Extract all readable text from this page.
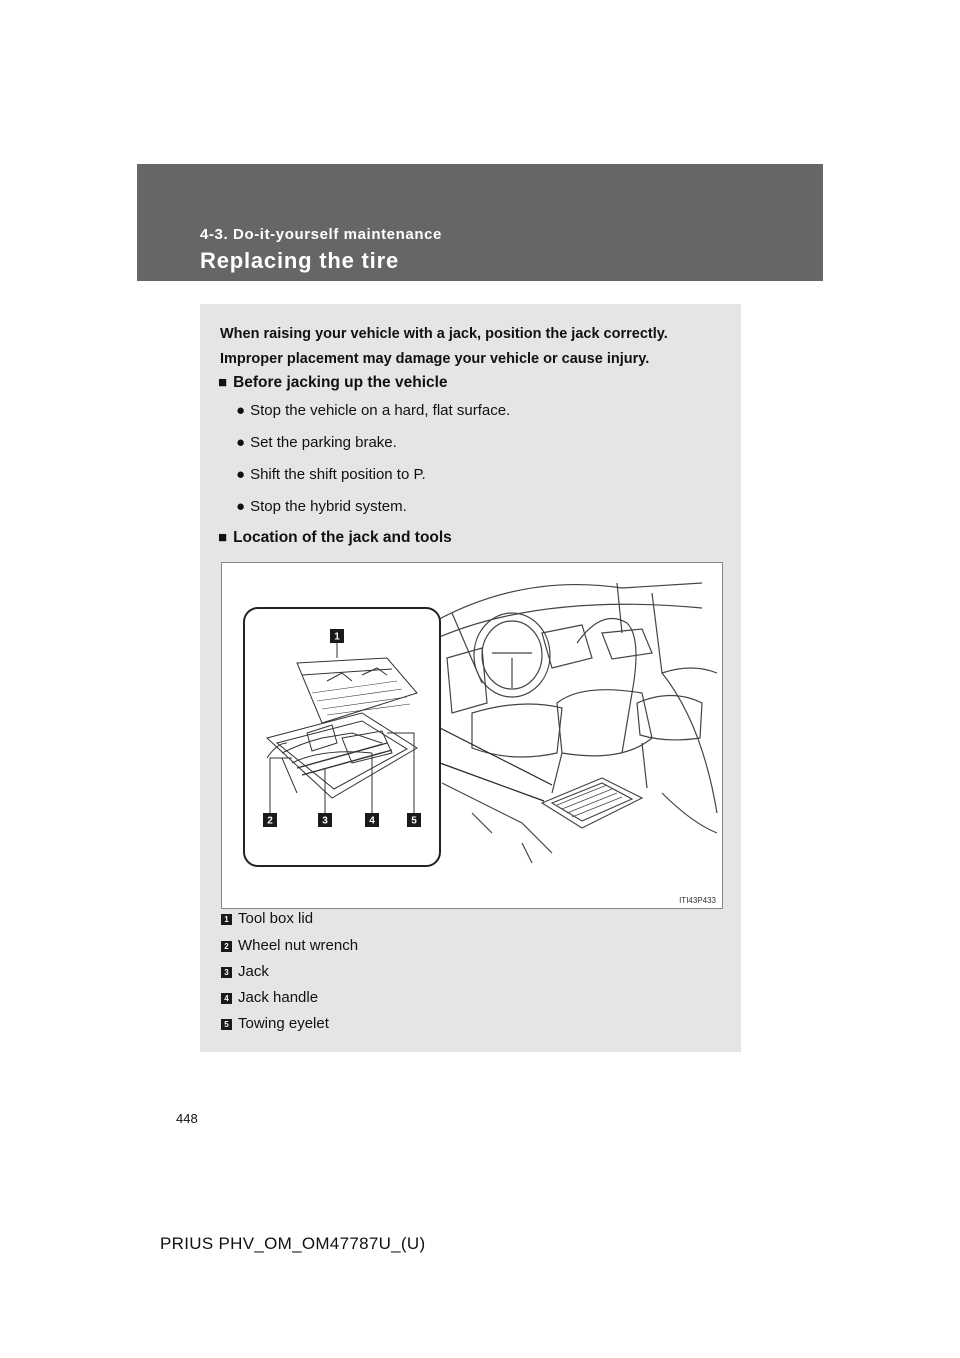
4-3. Do-it-yourself maintenance
Replacing the tire
When raising your vehicle with a jack, position the jack correctly.
Improper placement may damage your vehicle or cause injury.
■ Before jacking up the vehicle
● Stop the vehicle on a hard, flat surface.
● Set the parking brake.
● Shift the shift position to P.
● Stop the hybrid system.
■ Location of the jack and tools
1
2	3	4	5
ITI43P433
1 Tool box lid
2 Wheel nut wrench
3 Jack
4 Jack handle
5 Towing eyelet
448
PRIUS PHV_OM_OM47787U_(U)
